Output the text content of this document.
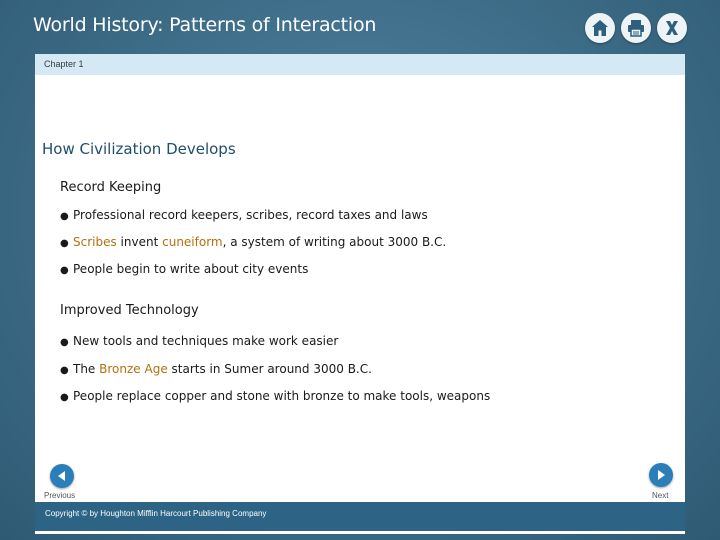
World History: Patterns of Interaction
Chapter 1
How Civilization Develops
Record Keeping
● Professional record keepers, scribes, record taxes and laws
● Scribes invent cuneiform, a system of writing about 3000 B.C.
● People begin to write about city events
Improved Technology
● New tools and techniques make work easier
● The Bronze Age starts in Sumer around 3000 B.C.
● People replace copper and stone with bronze to make tools, weapons
Previous	Next
Copyright © by Houghton Mifflin Harcourt Publishing Company
